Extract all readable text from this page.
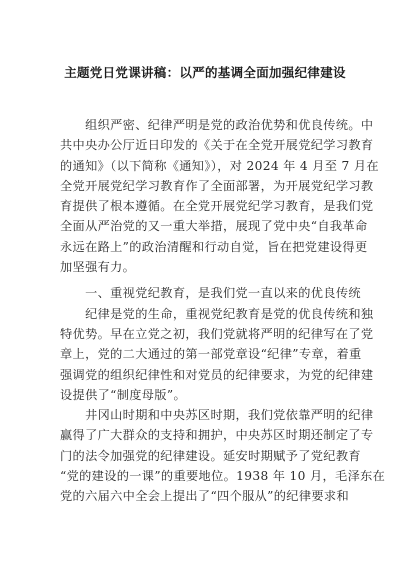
主题党日党课讲稿：以严的基调全面加强纪律建设
　　组织严密、纪律严明是党的政治优势和优良传统。中
共中央办公厅近日印发的《关于在全党开展党纪学习教育
的通知》（以下简称《通知》），对 2024 年 4 月至 7 月在
全党开展党纪学习教育作了全面部署，为开展党纪学习教
育提供了根本遵循。在全党开展党纪学习教育，是我们党
全面从严治党的又一重大举措，展现了党中央“自我革命
永远在路上”的政治清醒和行动自觉，旨在把党建设得更
加坚强有力。
　　一、重视党纪教育，是我们党一直以来的优良传统
　　纪律是党的生命，重视党纪教育是党的优良传统和独
特优势。早在立党之初，我们党就将严明的纪律写在了党
章上，党的二大通过的第一部党章设“纪律”专章，着重
强调党的组织纪律性和对党员的纪律要求，为党的纪律建
设提供了“制度母版”。
　　井冈山时期和中央苏区时期，我们党依靠严明的纪律
赢得了广大群众的支持和拥护，中央苏区时期还制定了专
门的法令加强党的纪律建设。延安时期赋予了党纪教育
“党的建设的一课”的重要地位。1938 年 10 月，毛泽东在
党的六届六中全会上提出了“四个服从”的纪律要求和
